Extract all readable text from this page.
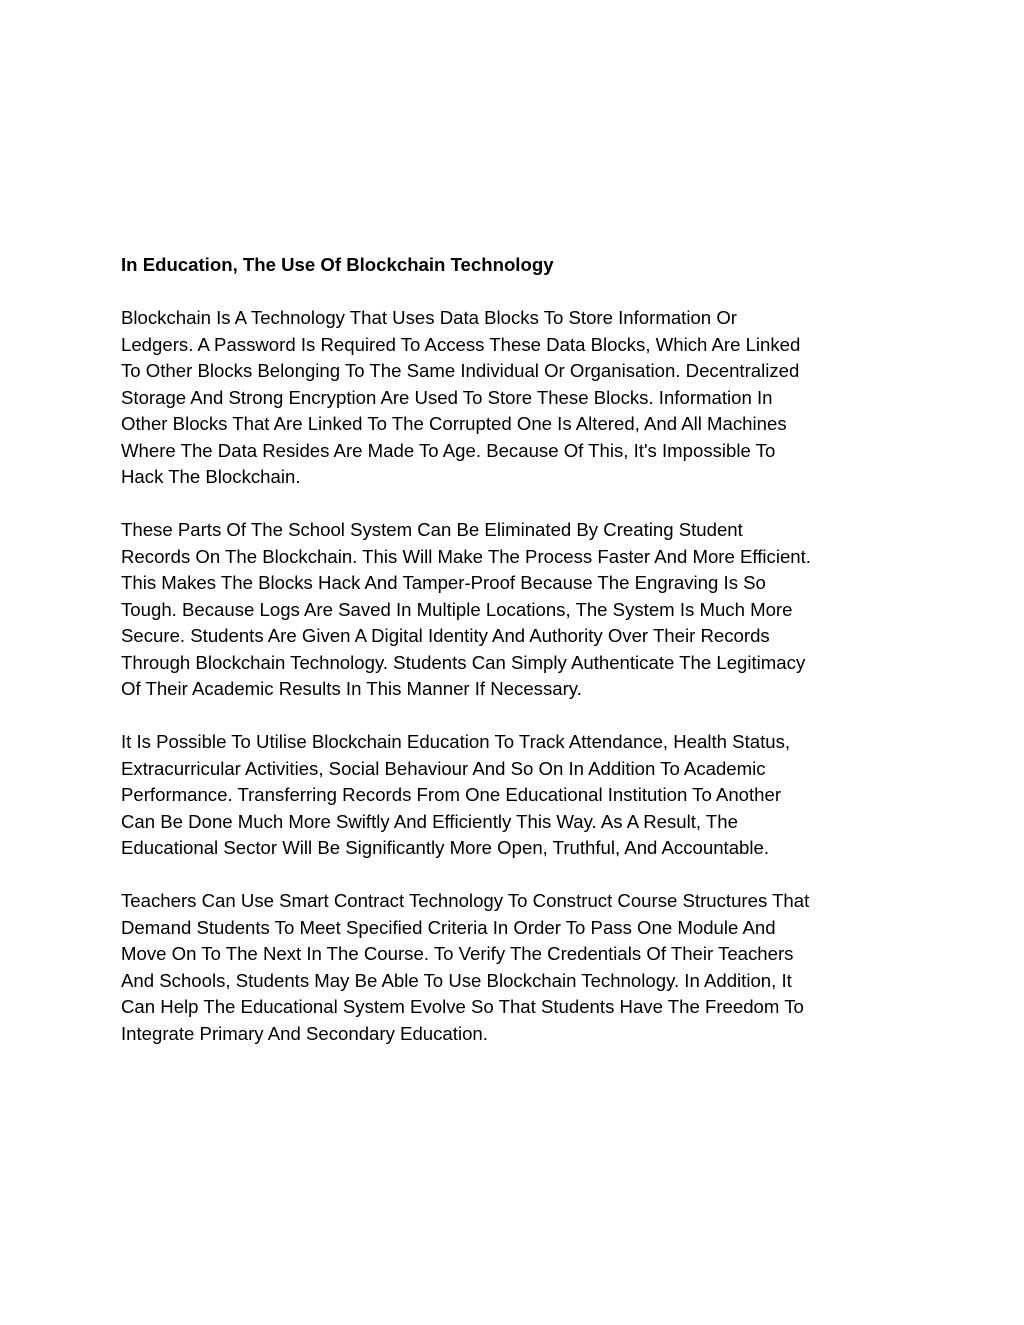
In Education, The Use Of Blockchain Technology

Blockchain Is A Technology That Uses Data Blocks To Store Information Or
Ledgers. A Password Is Required To Access These Data Blocks, Which Are Linked
To Other Blocks Belonging To The Same Individual Or Organisation. Decentralized
Storage And Strong Encryption Are Used To Store These Blocks. Information In
Other Blocks That Are Linked To The Corrupted One Is Altered, And All Machines
Where The Data Resides Are Made To Age. Because Of This, It's Impossible To
Hack The Blockchain.

These Parts Of The School System Can Be Eliminated By Creating Student
Records On The Blockchain. This Will Make The Process Faster And More Efficient.
This Makes The Blocks Hack And Tamper-Proof Because The Engraving Is So
Tough. Because Logs Are Saved In Multiple Locations, The System Is Much More
Secure. Students Are Given A Digital Identity And Authority Over Their Records
Through Blockchain Technology. Students Can Simply Authenticate The Legitimacy
Of Their Academic Results In This Manner If Necessary.

It Is Possible To Utilise Blockchain Education To Track Attendance, Health Status,
Extracurricular Activities, Social Behaviour And So On In Addition To Academic
Performance. Transferring Records From One Educational Institution To Another
Can Be Done Much More Swiftly And Efficiently This Way. As A Result, The
Educational Sector Will Be Significantly More Open, Truthful, And Accountable.

Teachers Can Use Smart Contract Technology To Construct Course Structures That
Demand Students To Meet Specified Criteria In Order To Pass One Module And
Move On To The Next In The Course. To Verify The Credentials Of Their Teachers
And Schools, Students May Be Able To Use Blockchain Technology. In Addition, It
Can Help The Educational System Evolve So That Students Have The Freedom To
Integrate Primary And Secondary Education.
